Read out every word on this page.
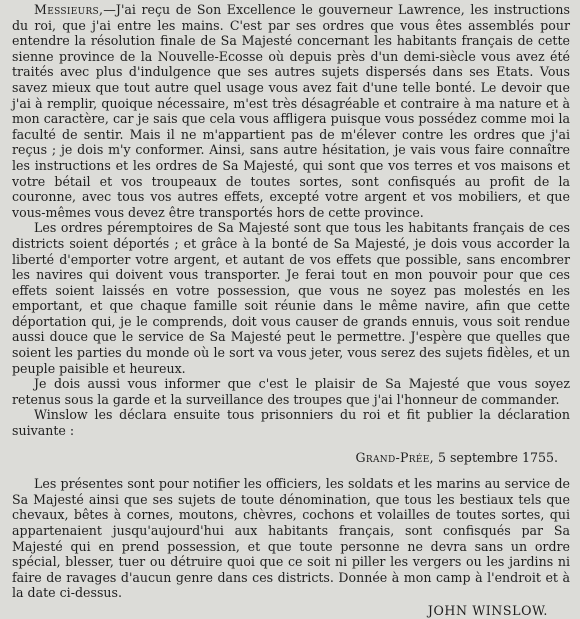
Messieurs,—J'ai reçu de Son Excellence le gouverneur Lawrence, les instructions du roi, que j'ai entre les mains. C'est par ses ordres que vous êtes assemblés pour entendre la résolution finale de Sa Majesté concernant les habitants français de cette sienne province de la Nouvelle-Ecosse où depuis près d'un demi-siècle vous avez été traités avec plus d'indulgence que ses autres sujets dispersés dans ses Etats. Vous savez mieux que tout autre quel usage vous avez fait d'une telle bonté. Le devoir que j'ai à remplir, quoique nécessaire, m'est très désagréable et contraire à ma nature et à mon caractère, car je sais que cela vous affligera puisque vous possédez comme moi la faculté de sentir. Mais il ne m'appartient pas de m'élever contre les ordres que j'ai reçus ; je dois m'y conformer. Ainsi, sans autre hésitation, je vais vous faire connaître les instructions et les ordres de Sa Majesté, qui sont que vos terres et vos maisons et votre bétail et vos troupeaux de toutes sortes, sont confisqués au profit de la couronne, avec tous vos autres effets, excepté votre argent et vos mobiliers, et que vous-mêmes vous devez être transportés hors de cette province.

Les ordres péremptoires de Sa Majesté sont que tous les habitants français de ces districts soient déportés ; et grâce à la bonté de Sa Majesté, je dois vous accorder la liberté d'emporter votre argent, et autant de vos effets que possible, sans encombrer les navires qui doivent vous transporter. Je ferai tout en mon pouvoir pour que ces effets soient laissés en votre possession, que vous ne soyez pas molestés en les emportant, et que chaque famille soit réunie dans le même navire, afin que cette déportation qui, je le comprends, doit vous causer de grands ennuis, vous soit rendue aussi douce que le service de Sa Majesté peut le permettre. J'espère que quelles que soient les parties du monde où le sort va vous jeter, vous serez des sujets fidèles, et un peuple paisible et heureux.

Je dois aussi vous informer que c'est le plaisir de Sa Majesté que vous soyez retenus sous la garde et la surveillance des troupes que j'ai l'honneur de commander.

Winslow les déclara ensuite tous prisonniers du roi et fit publier la déclaration suivante :

Grand-Prée, 5 septembre 1755.

Les présentes sont pour notifier les officiers, les soldats et les marins au service de Sa Majesté ainsi que ses sujets de toute dénomination, que tous les bestiaux tels que chevaux, bêtes à cornes, moutons, chèvres, cochons et volailles de toutes sortes, qui appartenaient jusqu'aujourd'hui aux habitants français, sont confisqués par Sa Majesté qui en prend possession, et que toute personne ne devra sans un ordre spécial, blesser, tuer ou détruire quoi que ce soit ni piller les vergers ou les jardins ni faire de ravages d'aucun genre dans ces districts. Donnée à mon camp à l'endroit et à la date ci-dessus.

JOHN WINSLOW.
